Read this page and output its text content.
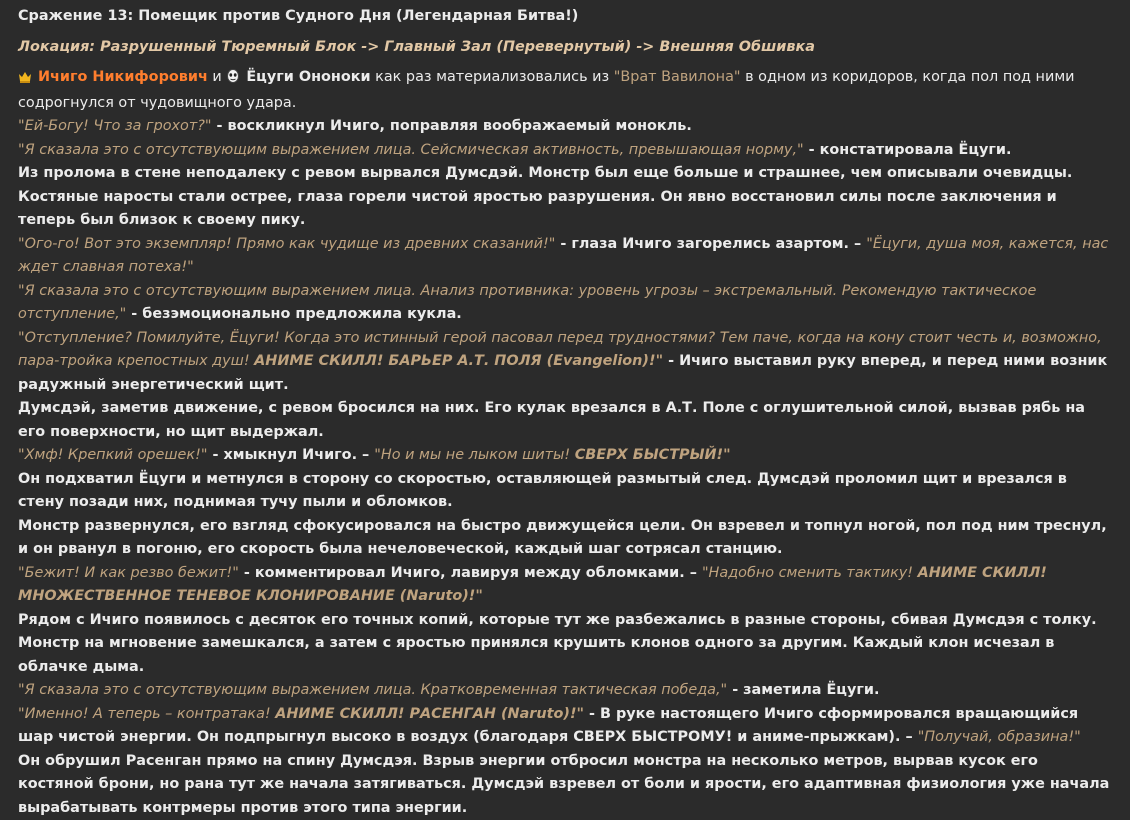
Сражение 13: Помещик против Судного Дня (Легендарная Битва!)

Локация: Разрушенный Тюремный Блок -> Главный Зал (Перевернутый) -> Внешняя Обшивка

Ичиго Никифорович и Ёцуги Ононоки как раз материализовались из "Врат Вавилона" в одном из коридоров, когда пол под ними содрогнулся от чудовищного удара.

"Ей-Богу! Что за грохот?" - воскликнул Ичиго, поправляя воображаемый монокль.

"Я сказала это с отсутствующим выражением лица. Сейсмическая активность, превышающая норму," - констатировала Ёцуги.

Из пролома в стене неподалеку с ревом вырвался Думсдэй. Монстр был еще больше и страшнее, чем описывали очевидцы. Костяные наросты стали острее, глаза горели чистой яростью разрушения. Он явно восстановил силы после заключения и теперь был близок к своему пику.

"Ого-го! Вот это экземпляр! Прямо как чудище из древних сказаний!" - глаза Ичиго загорелись азартом. – "Ёцуги, душа моя, кажется, нас ждет славная потеха!"

"Я сказала это с отсутствующим выражением лица. Анализ противника: уровень угрозы – экстремальный. Рекомендую тактическое отступление," - безэмоционально предложила кукла.

"Отступление? Помилуйте, Ёцуги! Когда это истинный герой пасовал перед трудностями? Тем паче, когда на кону стоит честь и, возможно, пара-тройка крепостных душ! АНИМЕ СКИЛЛ! БАРЬЕР А.Т. ПОЛЯ (Evangelion)!" - Ичиго выставил руку вперед, и перед ними возник радужный энергетический щит.

Думсдэй, заметив движение, с ревом бросился на них. Его кулак врезался в А.Т. Поле с оглушительной силой, вызвав рябь на его поверхности, но щит выдержал.

"Хмф! Крепкий орешек!" - хмыкнул Ичиго. – "Но и мы не лыком шиты! СВЕРХ БЫСТРЫЙ!"

Он подхватил Ёцуги и метнулся в сторону со скоростью, оставляющей размытый след. Думсдэй проломил щит и врезался в стену позади них, поднимая тучу пыли и обломков.

Монстр развернулся, его взгляд сфокусировался на быстро движущейся цели. Он взревел и топнул ногой, пол под ним треснул, и он рванул в погоню, его скорость была нечеловеческой, каждый шаг сотрясал станцию.

"Бежит! И как резво бежит!" - комментировал Ичиго, лавируя между обломками. – "Надобно сменить тактику! АНИМЕ СКИЛЛ! МНОЖЕСТВЕННОЕ ТЕНЕВОЕ КЛОНИРОВАНИЕ (Naruto)!"

Рядом с Ичиго появилось с десяток его точных копий, которые тут же разбежались в разные стороны, сбивая Думсдэя с толку. Монстр на мгновение замешкался, а затем с яростью принялся крушить клонов одного за другим. Каждый клон исчезал в облачке дыма.

"Я сказала это с отсутствующим выражением лица. Кратковременная тактическая победа," - заметила Ёцуги.

"Именно! А теперь – контратака! АНИМЕ СКИЛЛ! РАСЕНГАН (Naruto)!" - В руке настоящего Ичиго сформировался вращающийся шар чистой энергии. Он подпрыгнул высоко в воздух (благодаря СВЕРХ БЫСТРОМУ! и аниме-прыжкам). – "Получай, образина!"

Он обрушил Расенган прямо на спину Думсдэя. Взрыв энергии отбросил монстра на несколько метров, вырвав кусок его костяной брони, но рана тут же начала затягиваться. Думсдэй взревел от боли и ярости, его адаптивная физиология уже начала вырабатывать контрмеры против этого типа энергии.
